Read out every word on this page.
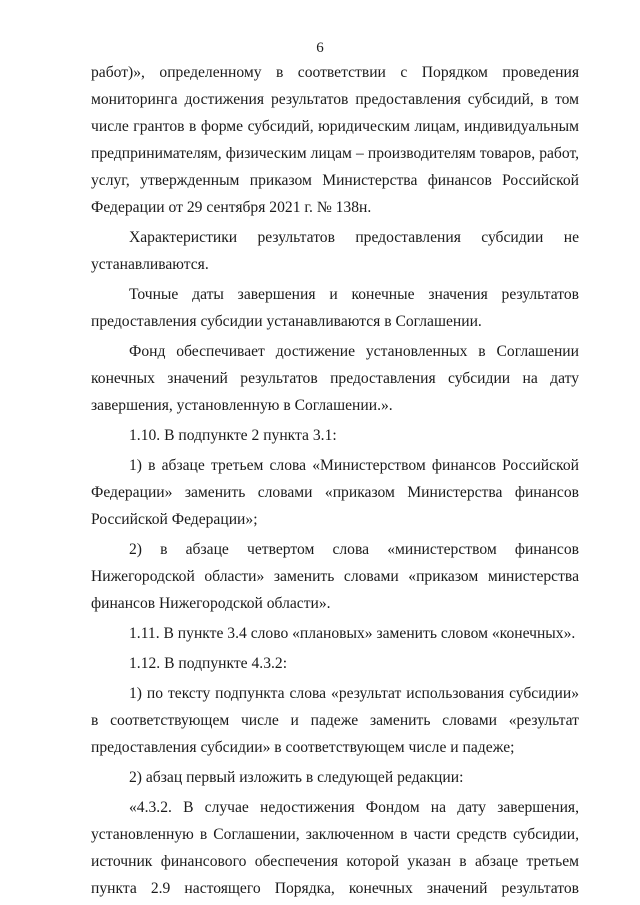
6

работ)», определенному в соответствии с Порядком проведения мониторинга достижения результатов предоставления субсидий, в том числе грантов в форме субсидий, юридическим лицам, индивидуальным предпринимателям, физическим лицам – производителям товаров, работ, услуг, утвержденным приказом Министерства финансов Российской Федерации от 29 сентября 2021 г. № 138н.

Характеристики результатов предоставления субсидии не устанавливаются.

Точные даты завершения и конечные значения результатов предоставления субсидии устанавливаются в Соглашении.

Фонд обеспечивает достижение установленных в Соглашении конечных значений результатов предоставления субсидии на дату завершения, установленную в Соглашении.».

1.10. В подпункте 2 пункта 3.1:

1) в абзаце третьем слова «Министерством финансов Российской Федерации» заменить словами «приказом Министерства финансов Российской Федерации»;

2) в абзаце четвертом слова «министерством финансов Нижегородской области» заменить словами «приказом министерства финансов Нижегородской области».

1.11. В пункте 3.4 слово «плановых» заменить словом «конечных».

1.12. В подпункте 4.3.2:

1) по тексту подпункта слова «результат использования субсидии» в соответствующем числе и падеже заменить словами «результат предоставления субсидии» в соответствующем числе и падеже;

2) абзац первый изложить в следующей редакции:

«4.3.2. В случае недостижения Фондом на дату завершения, установленную в Соглашении, заключенном в части средств субсидии, источник финансового обеспечения которой указан в абзаце третьем пункта 2.9 настоящего Порядка, конечных значений результатов
